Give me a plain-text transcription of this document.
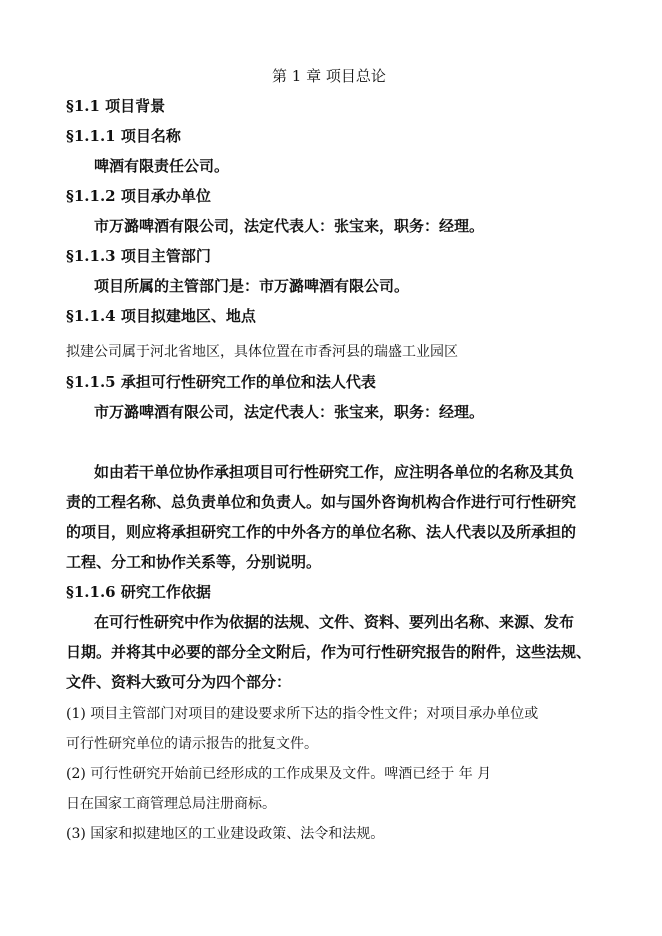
第 1 章 项目总论
§1.1 项目背景
§1.1.1 项目名称
啤酒有限责任公司。
§1.1.2 项目承办单位
市万潞啤酒有限公司，法定代表人：张宝来，职务：经理。
§1.1.3 项目主管部门
项目所属的主管部门是：市万潞啤酒有限公司。
§1.1.4 项目拟建地区、地点
拟建公司属于河北省地区，具体位置在市香河县的瑞盛工业园区
§1.1.5 承担可行性研究工作的单位和法人代表
市万潞啤酒有限公司，法定代表人：张宝来，职务：经理。
如由若干单位协作承担项目可行性研究工作，应注明各单位的名称及其负
责的工程名称、总负责单位和负责人。如与国外咨询机构合作进行可行性研究
的项目，则应将承担研究工作的中外各方的单位名称、法人代表以及所承担的
工程、分工和协作关系等，分别说明。
§1.1.6 研究工作依据
在可行性研究中作为依据的法规、文件、资料、要列出名称、来源、发布
日期。并将其中必要的部分全文附后，作为可行性研究报告的附件，这些法规、
文件、资料大致可分为四个部分：
(1) 项目主管部门对项目的建设要求所下达的指令性文件；对项目承办单位或
可行性研究单位的请示报告的批复文件。
(2) 可行性研究开始前已经形成的工作成果及文件。啤酒已经于 年 月
日在国家工商管理总局注册商标。
(3) 国家和拟建地区的工业建设政策、法令和法规。
